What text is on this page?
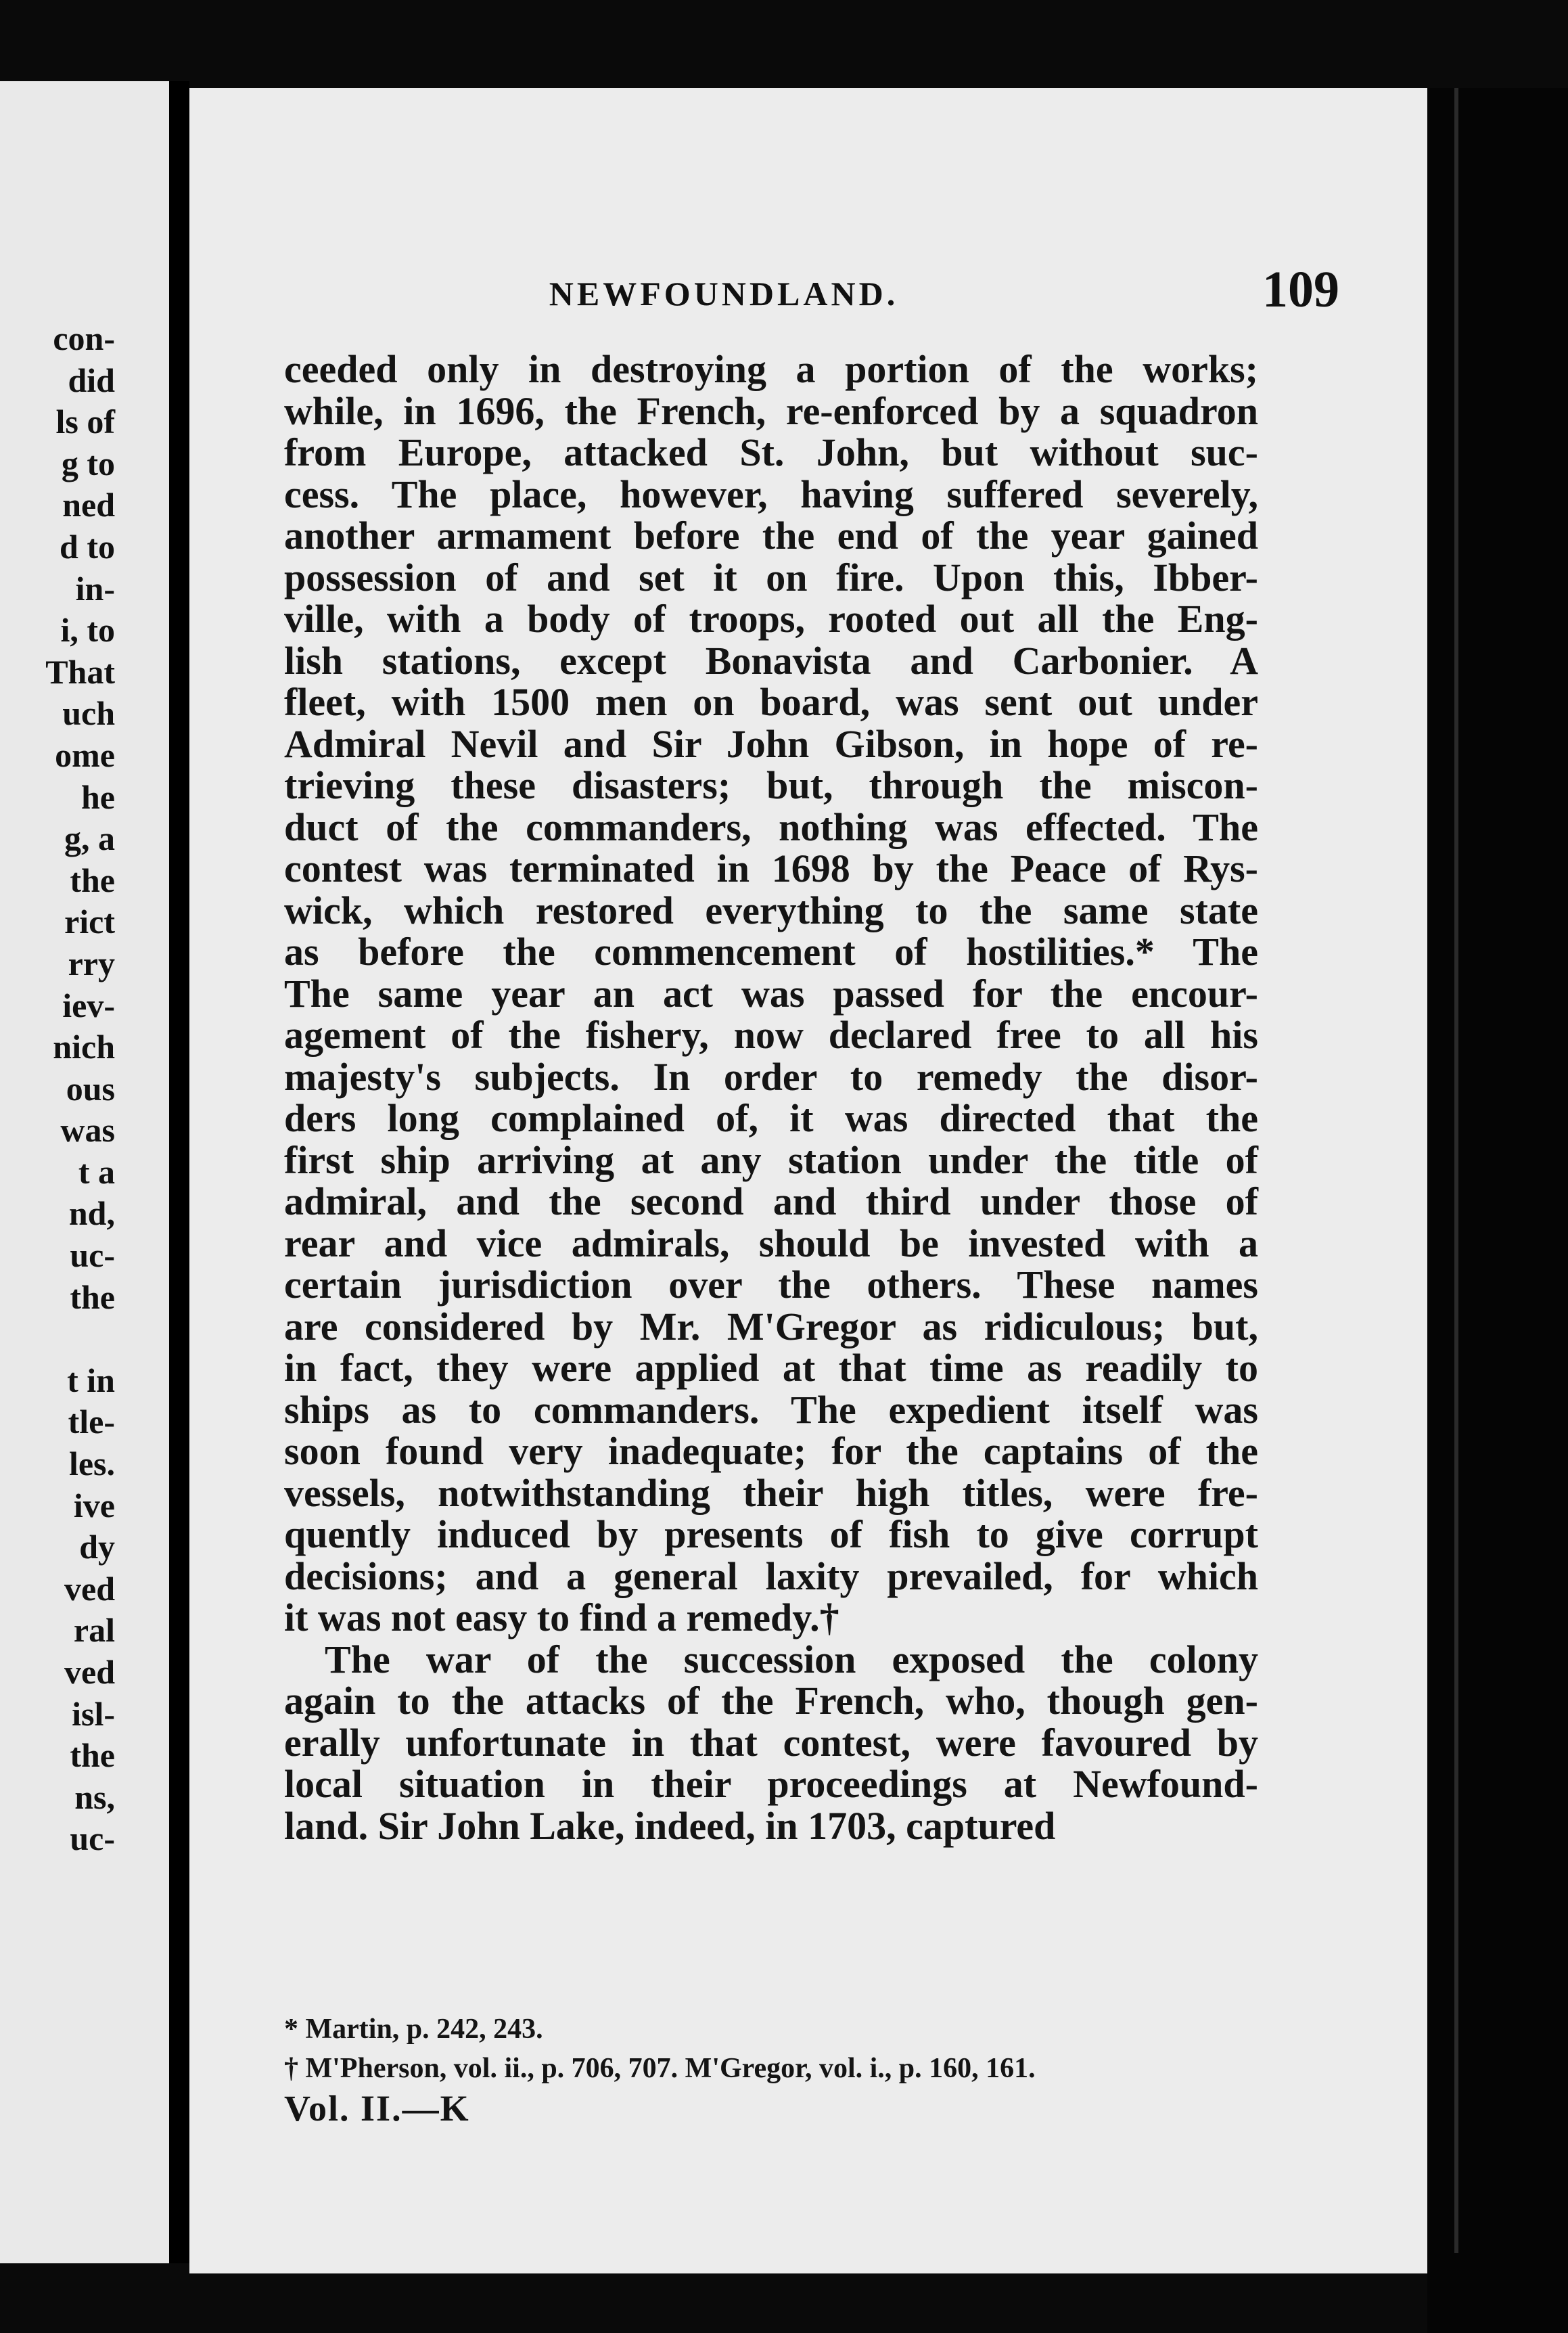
con-
did
ls of
g to
ned
d to
in-
i, to
That
uch
ome
he
g, a
the
rict
rry
iev-
nich
ous
was
t a
nd,
uc-
the

t in
tle-
les.
ive
dy
ved
ral
ved
isl-
the
ns,
uc-
NEWFOUNDLAND.	109
ceeded only in destroying a portion of the works;
while, in 1696, the French, re-enforced by a squadron
from Europe, attacked St. John, but without suc-
cess. The place, however, having suffered severely,
another armament before the end of the year gained
possession of and set it on fire. Upon this, Ibber-
ville, with a body of troops, rooted out all the Eng-
lish stations, except Bonavista and Carbonier. A
fleet, with 1500 men on board, was sent out under
Admiral Nevil and Sir John Gibson, in hope of re-
trieving these disasters; but, through the miscon-
duct of the commanders, nothing was effected. The
contest was terminated in 1698 by the Peace of Rys-
wick, which restored everything to the same state
as before the commencement of hostilities.* The
The same year an act was passed for the encour-
agement of the fishery, now declared free to all his
majesty's subjects. In order to remedy the disor-
ders long complained of, it was directed that the
first ship arriving at any station under the title of
admiral, and the second and third under those of
rear and vice admirals, should be invested with a
certain jurisdiction over the others. These names
are considered by Mr. M'Gregor as ridiculous; but,
in fact, they were applied at that time as readily to
ships as to commanders. The expedient itself was
soon found very inadequate; for the captains of the
vessels, notwithstanding their high titles, were fre-
quently induced by presents of fish to give corrupt
decisions; and a general laxity prevailed, for which
it was not easy to find a remedy.†
The war of the succession exposed the colony
again to the attacks of the French, who, though gen-
erally unfortunate in that contest, were favoured by
local situation in their proceedings at Newfound-
land. Sir John Lake, indeed, in 1703, captured
* Martin, p. 242, 243.
† M'Pherson, vol. ii., p. 706, 707. M'Gregor, vol. i., p. 160, 161.
Vol. II.—K
